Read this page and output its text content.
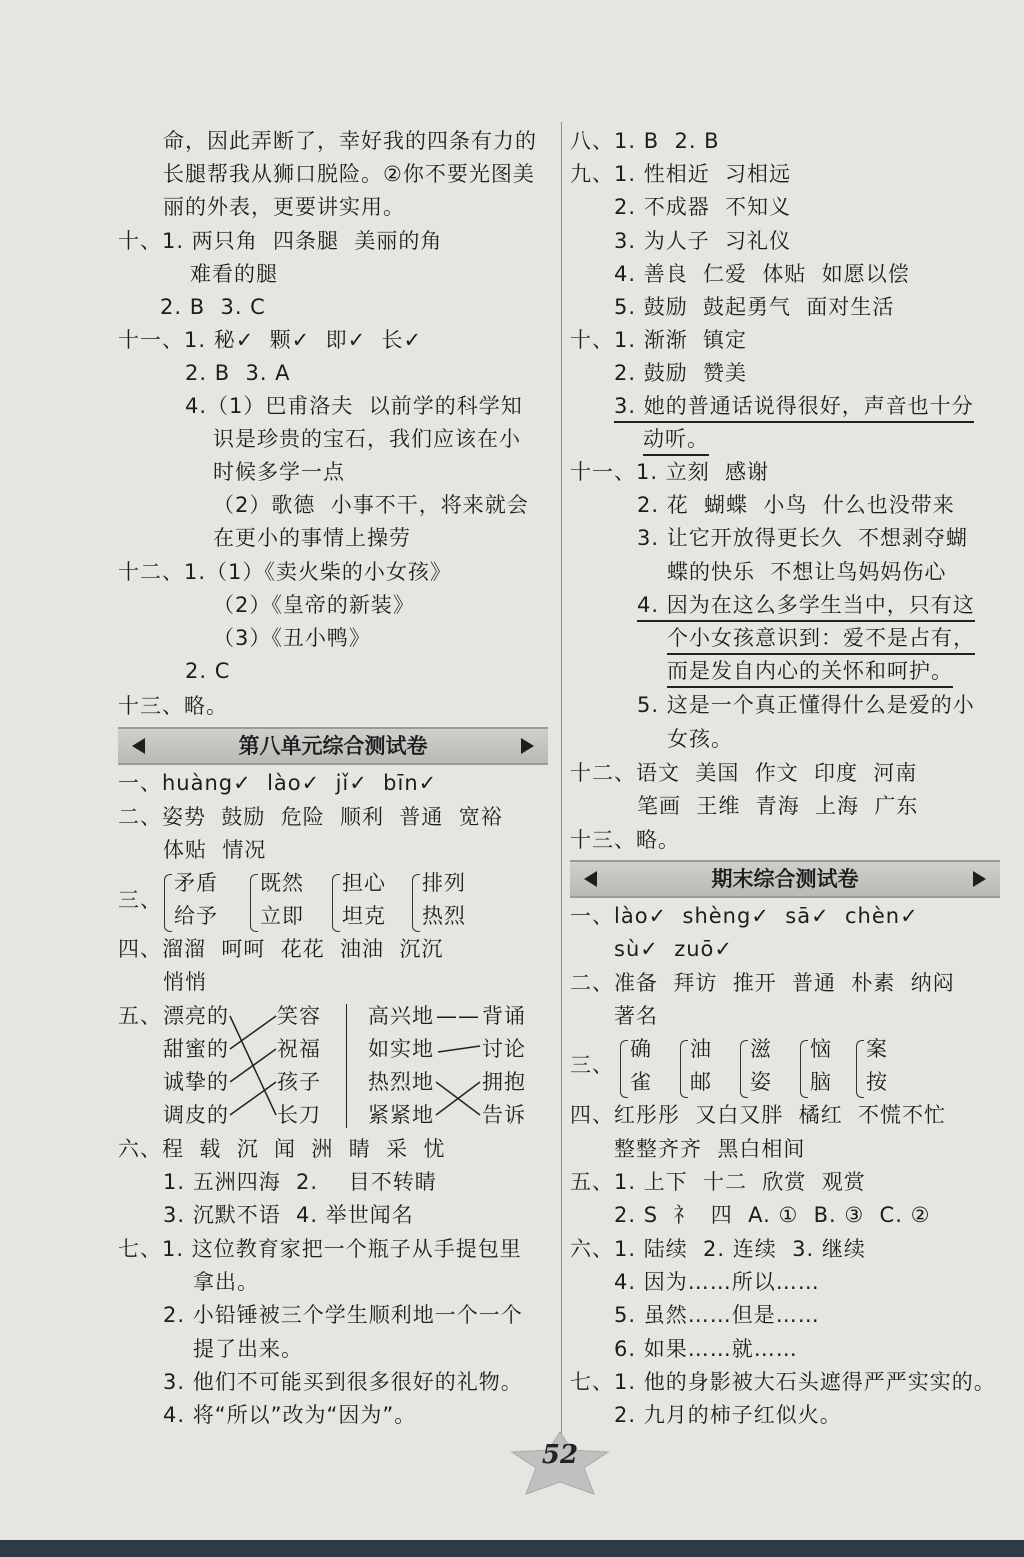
命，因此弄断了，幸好我的四条有力的
长腿帮我从狮口脱险。②你不要光图美
丽的外表，更要讲实用。
十、1. 两只角  四条腿  美丽的角
难看的腿
2. B  3. C
十一、1. 秘✓  颗✓  即✓  长✓
2. B  3. A
4.（1）巴甫洛夫  以前学的科学知
识是珍贵的宝石，我们应该在小
时候多学一点
（2）歌德  小事不干，将来就会
在更小的事情上操劳
十二、1.（1）《卖火柴的小女孩》
（2）《皇帝的新装》
（3）《丑小鸭》
2. C
十三、略。
第八单元综合测试卷
一、huàng✓  lào✓  jǐ✓  bīn✓
二、姿势  鼓励  危险  顺利  普通  宽裕
体贴  情况
三、
矛盾
给予
既然
立即
担心
坦克
排列
热烈
四、溜溜  呵呵  花花  油油  沉沉
悄悄
五、 漂亮的
甜蜜的
诚挚的
调皮的
笑容
祝福
孩子
长刀
高兴地
如实地
热烈地
紧紧地
—— 背诵
讨论
拥抱
告诉
六、程  载  沉  闻  洲  睛  采  忧
1. 五洲四海  2.    目不转睛
3. 沉默不语  4. 举世闻名
七、1. 这位教育家把一个瓶子从手提包里
拿出。
2. 小铅锤被三个学生顺利地一个一个
提了出来。
3. 他们不可能买到很多很好的礼物。
4. 将“所以”改为“因为”。
八、1. B  2. B
九、1. 性相近  习相远
2. 不成器  不知义
3. 为人子  习礼仪
4. 善良  仁爱  体贴  如愿以偿
5. 鼓励  鼓起勇气  面对生活
十、1. 渐渐  镇定
2. 鼓励  赞美
3. 她的普通话说得很好，声音也十分
动听。
十一、1. 立刻  感谢
2. 花  蝴蝶  小鸟  什么也没带来
3. 让它开放得更长久  不想剥夺蝴
蝶的快乐  不想让鸟妈妈伤心
4. 因为在这么多学生当中，只有这
个小女孩意识到：爱不是占有，
而是发自内心的关怀和呵护。
5. 这是一个真正懂得什么是爱的小
女孩。
十二、语文  美国  作文  印度  河南
笔画  王维  青海  上海  广东
十三、略。
期末综合测试卷
一、lào✓  shèng✓  sā✓  chèn✓
sù✓  zuō✓
二、准备  拜访  推开  普通  朴素  纳闷
著名
三、
确
雀
油
邮
滋
姿
恼
脑
案
按
四、红彤彤  又白又胖  橘红  不慌不忙
整整齐齐  黑白相间
五、1. 上下  十二  欣赏  观赏
2. S  礻  四  A. ①  B. ③  C. ②
六、1. 陆续  2. 连续  3. 继续
4. 因为……所以……
5. 虽然……但是……
6. 如果……就……
七、1. 他的身影被大石头遮得严严实实的。
2. 九月的柿子红似火。
52
